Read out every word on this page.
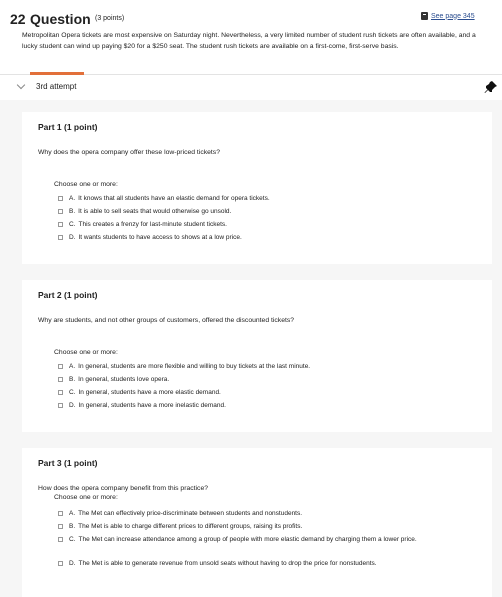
22 Question (3 points)	See page 345

Metropolitan Opera tickets are most expensive on Saturday night. Nevertheless, a very limited number of student rush tickets are often available, and a lucky student can wind up paying $20 for a $250 seat. The student rush tickets are available on a first-come, first-serve basis.

3rd attempt
Part 1 (1 point)
Why does the opera company offer these low-priced tickets?
Choose one or more:
A. It knows that all students have an elastic demand for opera tickets.
B. It is able to sell seats that would otherwise go unsold.
C. This creates a frenzy for last-minute student tickets.
D. It wants students to have access to shows at a low price.
Part 2 (1 point)
Why are students, and not other groups of customers, offered the discounted tickets?
Choose one or more:
A. In general, students are more flexible and willing to buy tickets at the last minute.
B. In general, students love opera.
C. In general, students have a more elastic demand.
D. In general, students have a more inelastic demand.
Part 3 (1 point)
How does the opera company benefit from this practice?
Choose one or more:
A. The Met can effectively price-discriminate between students and nonstudents.
B. The Met is able to charge different prices to different groups, raising its profits.
C. The Met can increase attendance among a group of people with more elastic demand by charging them a lower price.
D. The Met is able to generate revenue from unsold seats without having to drop the price for nonstudents.
